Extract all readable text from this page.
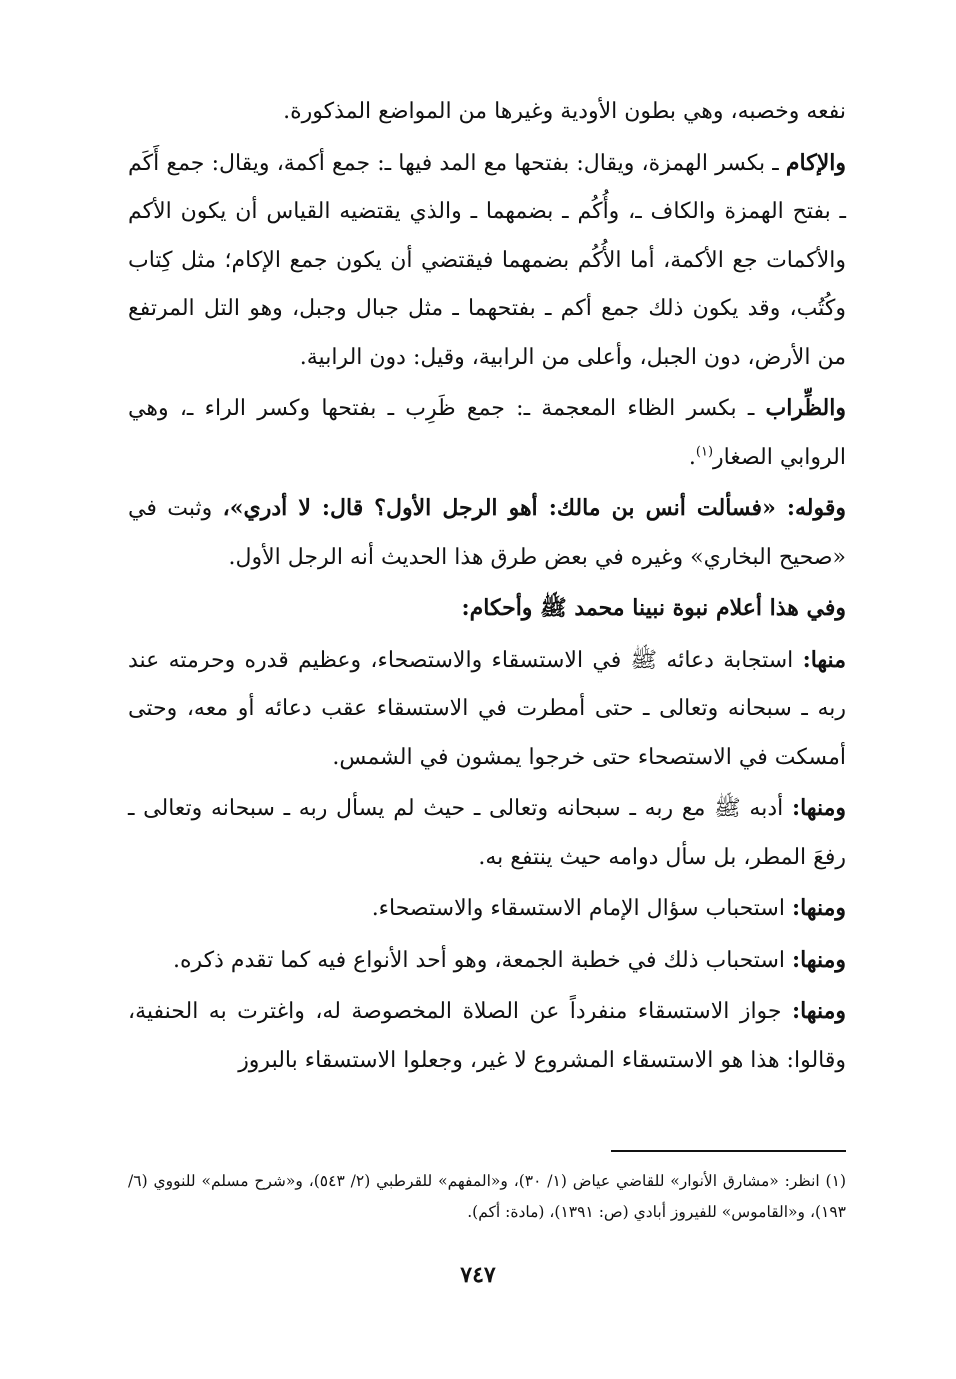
نفعه وخصبه، وهي بطون الأودية وغيرها من المواضع المذكورة.

والإكام ـ بكسر الهمزة، ويقال: بفتحها مع المد فيها ـ: جمع أكمة، ويقال: جمع أَكَم ـ بفتح الهمزة والكاف ـ، وأُكُم ـ بضمهما ـ والذي يقتضيه القياس أن يكون الأكم والأكمات جع الأكمة، أما الأُكُم بضمهما فيقتضي أن يكون جمع الإكام؛ مثل كِتاب وكُتُب، وقد يكون ذلك جمع أكم ـ بفتحهما ـ مثل جبال وجبل، وهو التل المرتفع من الأرض، دون الجبل، وأعلى من الرابية، وقيل: دون الرابية.

والظِّراب ـ بكسر الظاء المعجمة ـ: جمع ظَرِب ـ بفتحها وكسر الراء ـ، وهي الروابي الصغار$^{(١)}$.

وقوله: «فسألت أنس بن مالك: أهو الرجل الأول؟ قال: لا أدري»، وثبت في «صحيح البخاري» وغيره في بعض طرق هذا الحديث أنه الرجل الأول.

وفي هذا أعلام نبوة نبينا محمد ﷺ وأحكام:

منها: استجابة دعائه ﷺ في الاستسقاء والاستصحاء، وعظيم قدره وحرمته عند ربه ـ سبحانه وتعالى ـ حتى أمطرت في الاستسقاء عقب دعائه أو معه، وحتى أمسكت في الاستصحاء حتى خرجوا يمشون في الشمس.

ومنها: أدبه ﷺ مع ربه ـ سبحانه وتعالى ـ حيث لم يسأل ربه ـ سبحانه وتعالى ـ رفعَ المطر، بل سأل دوامه حيث ينتفع به.

ومنها: استحباب سؤال الإمام الاستسقاء والاستصحاء.

ومنها: استحباب ذلك في خطبة الجمعة، وهو أحد الأنواع فيه كما تقدم ذكره.

ومنها: جواز الاستسقاء منفرداً عن الصلاة المخصوصة له، واغترت به الحنفية، وقالوا: هذا هو الاستسقاء المشروع لا غير، وجعلوا الاستسقاء بالبروز

(١) انظر: «مشارق الأنوار» للقاضي عياض (١/ ٣٠)، و«المفهم» للقرطبي (٢/ ٥٤٣)، و«شرح مسلم» للنووي (٦/ ١٩٣)، و«القاموس» للفيروز أبادي (ص: ١٣٩١)، (مادة: أكم).
٧٤٧
